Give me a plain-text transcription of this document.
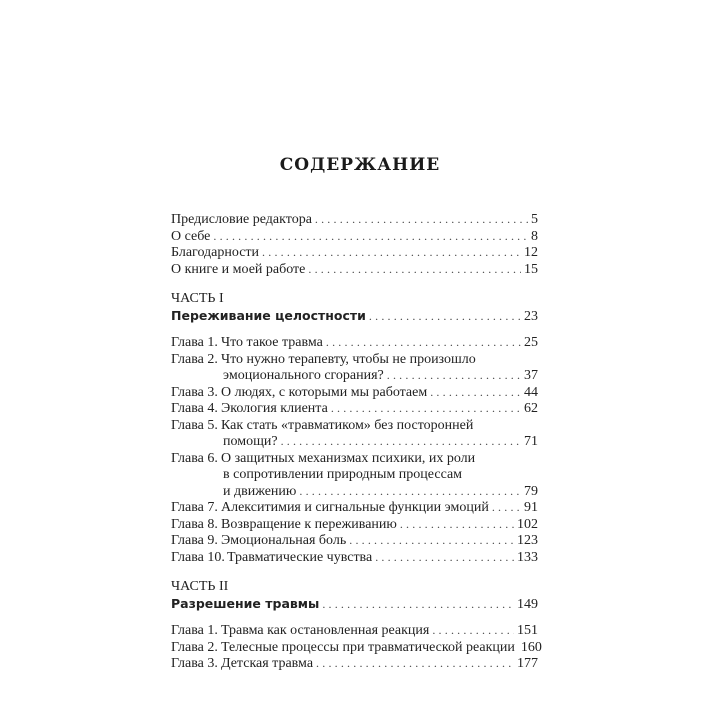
СОДЕРЖАНИЕ
Предисловие редактора . . .	5
О себе . . .	8
Благодарности . . .	12
О книге и моей работе . . .	15
ЧАСТЬ I
Переживание целостности . . .	23
Глава 1. Что такое травма . . .	25
Глава 2. Что нужно терапевту, чтобы не произошло
эмоционального сгорания? . . .	37
Глава 3. О людях, с которыми мы работаем . . .	44
Глава 4. Экология клиента . . .	62
Глава 5. Как стать «травматиком» без посторонней
помощи? . . .	71
Глава 6. О защитных механизмах психики, их роли
в сопротивлении природным процессам
и движению . . .	79
Глава 7. Алекситимия и сигнальные функции эмоций . . .	91
Глава 8. Возвращение к переживанию . . .	102
Глава 9. Эмоциональная боль . . .	123
Глава 10. Травматические чувства . . .	133
ЧАСТЬ II
Разрешение травмы . . .	149
Глава 1. Травма как остановленная реакция . . .	151
Глава 2. Телесные процессы при травматической реакции 160
Глава 3. Детская травма . . .	177
